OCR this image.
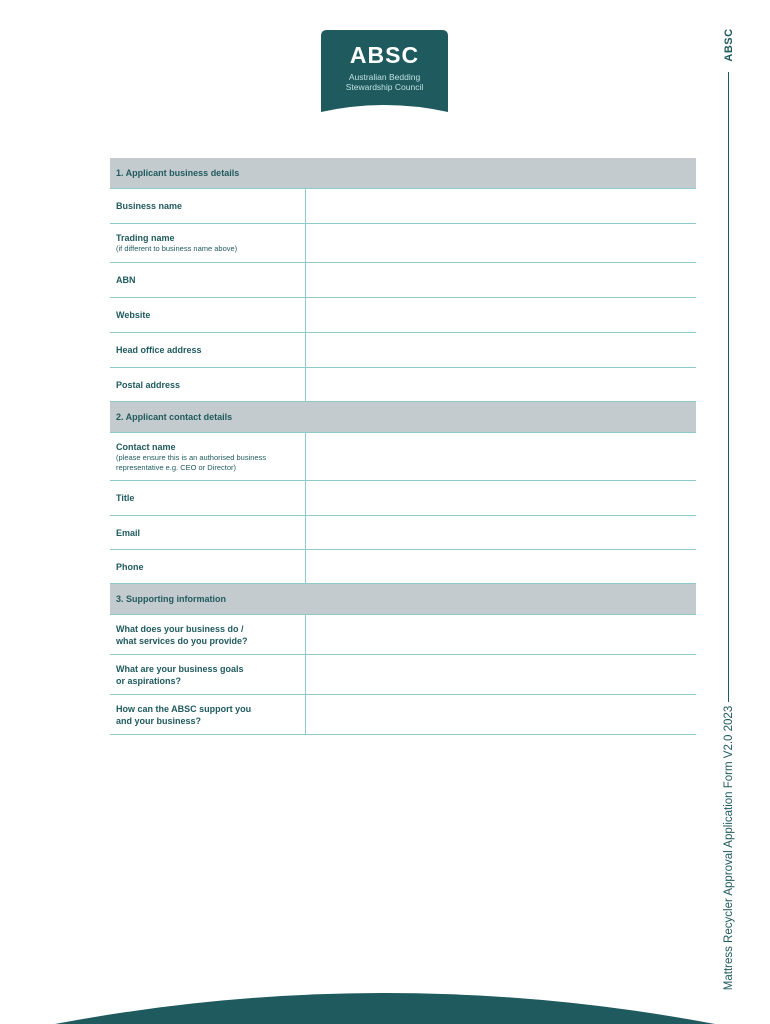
ABSC
Australian Bedding
Stewardship Council
ABSC
Mattress Recycler Approval Application Form V2.0 2023
1. Applicant business details
Business name
Trading name
(if different to business name above)
ABN
Website
Head office address
Postal address
2. Applicant contact details
Contact name
(please ensure this is an authorised business
representative e.g. CEO or Director)
Title
Email
Phone
3. Supporting information
What does your business do /
what services do you provide?
What are your business goals
or aspirations?
How can the ABSC support you
and your business?
